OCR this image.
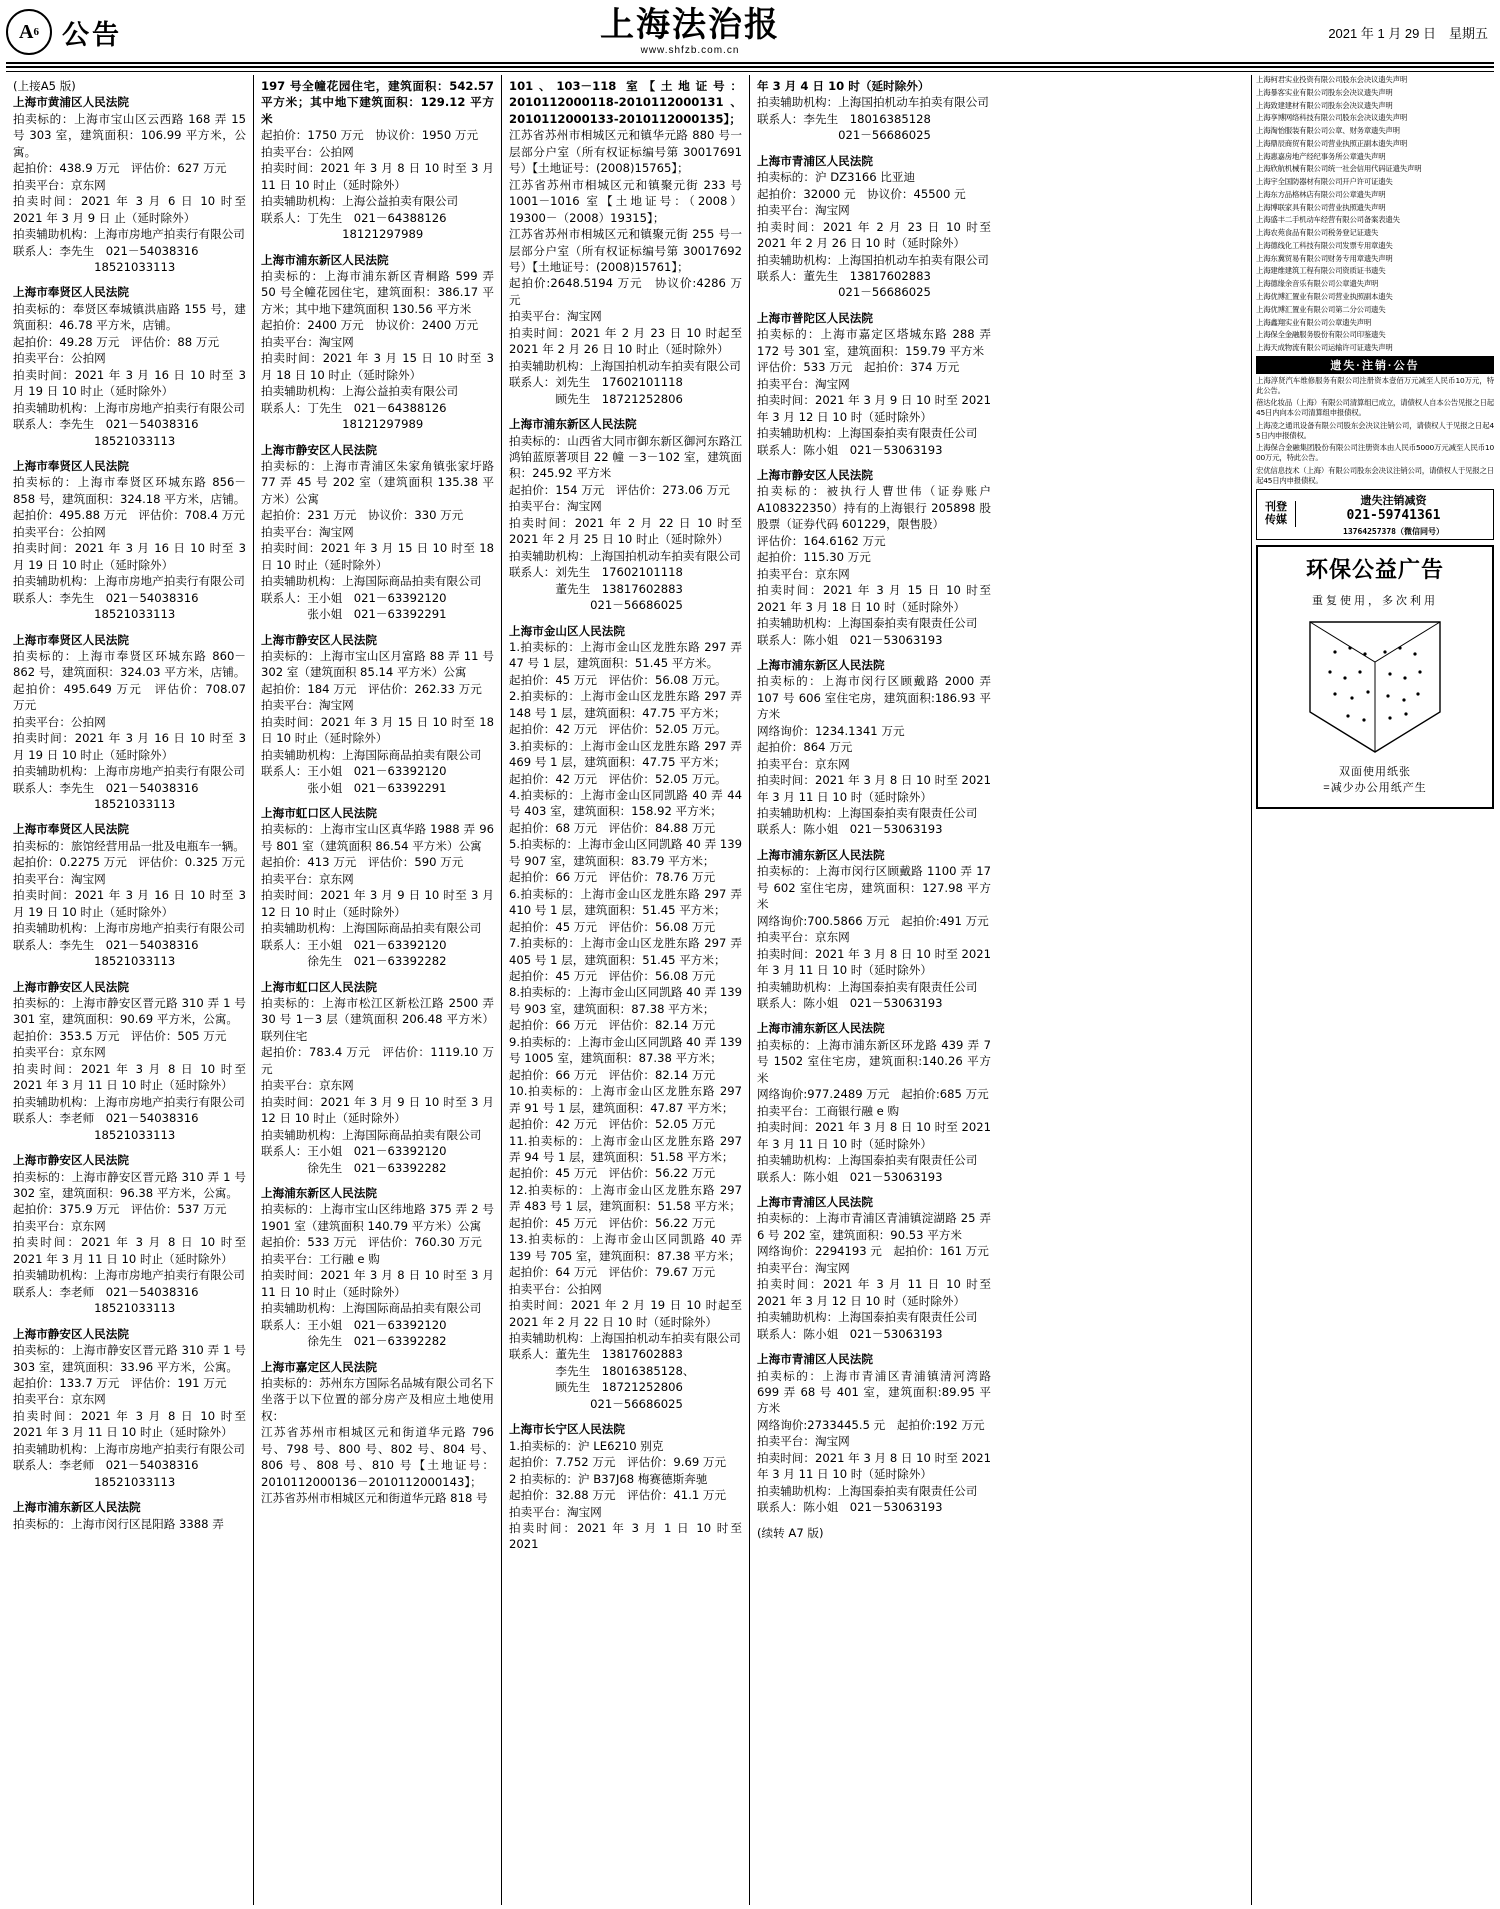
A 6 公告	上海法治报
www.shfzb.com.cn
2021 年 1 月 29 日　星期五

(上接A5 版)

上海市黄浦区人民法院

拍卖标的：上海市宝山区云西路 168 弄 15 号 303 室，建筑面积：106.99 平方米，公寓。

起拍价：438.9 万元　评估价：627 万元

拍卖平台：京东网

拍卖时间：2021 年 3 月 6 日 10 时至 2021 年 3 月 9 日 止（延时除外）

拍卖辅助机构：上海市房地产拍卖行有限公司

联系人：李先生　021－54038316

　　　　　　　18521033113

上海市奉贤区人民法院

拍卖标的：奉贤区奉城镇洪庙路 155 号，建筑面积：46.78 平方米，店铺。

起拍价：49.28 万元　评估价：88 万元

拍卖平台：公拍网

拍卖时间：2021 年 3 月 16 日 10 时至 3 月 19 日 10 时止（延时除外）

拍卖辅助机构：上海市房地产拍卖行有限公司

联系人：李先生　021－54038316

　　　　　　　18521033113

上海市奉贤区人民法院

拍卖标的：上海市奉贤区环城东路 856－858 号，建筑面积：324.18 平方米，店铺。

起拍价：495.88 万元　评估价：708.4 万元

拍卖平台：公拍网

拍卖时间：2021 年 3 月 16 日 10 时至 3 月 19 日 10 时止（延时除外）

拍卖辅助机构：上海市房地产拍卖行有限公司

联系人：李先生　021－54038316

　　　　　　　18521033113

上海市奉贤区人民法院

拍卖标的：上海市奉贤区环城东路 860－862 号，建筑面积：324.03 平方米，店铺。

起拍价：495.649 万元　评估价：708.07 万元

拍卖平台：公拍网

拍卖时间：2021 年 3 月 16 日 10 时至 3 月 19 日 10 时止（延时除外）

拍卖辅助机构：上海市房地产拍卖行有限公司

联系人：李先生　021－54038316

　　　　　　　18521033113

上海市奉贤区人民法院

拍卖标的：旅馆经营用品一批及电瓶车一辆。

起拍价：0.2275 万元　评估价：0.325 万元

拍卖平台：淘宝网

拍卖时间：2021 年 3 月 16 日 10 时至 3 月 19 日 10 时止（延时除外）

拍卖辅助机构：上海市房地产拍卖行有限公司

联系人：李先生　021－54038316

　　　　　　　18521033113

上海市静安区人民法院

拍卖标的：上海市静安区晋元路 310 弄 1 号 301 室，建筑面积：90.69 平方米，公寓。

起拍价：353.5 万元　评估价：505 万元

拍卖平台：京东网

拍卖时间：2021 年 3 月 8 日 10 时至 2021 年 3 月 11 日 10 时止（延时除外）

拍卖辅助机构：上海市房地产拍卖行有限公司

联系人：李老师　021－54038316

　　　　　　　18521033113

上海市静安区人民法院

拍卖标的：上海市静安区晋元路 310 弄 1 号 302 室，建筑面积：96.38 平方米，公寓。

起拍价：375.9 万元　评估价：537 万元

拍卖平台：京东网

拍卖时间：2021 年 3 月 8 日 10 时至 2021 年 3 月 11 日 10 时止（延时除外）

拍卖辅助机构：上海市房地产拍卖行有限公司

联系人：李老师　021－54038316

　　　　　　　18521033113

上海市静安区人民法院

拍卖标的：上海市静安区晋元路 310 弄 1 号 303 室，建筑面积：33.96 平方米，公寓。

起拍价：133.7 万元　评估价：191 万元

拍卖平台：京东网

拍卖时间：2021 年 3 月 8 日 10 时至 2021 年 3 月 11 日 10 时止（延时除外）

拍卖辅助机构：上海市房地产拍卖行有限公司

联系人：李老师　021－54038316

　　　　　　　18521033113

上海市浦东新区人民法院

拍卖标的：上海市闵行区昆阳路 3388 弄

197 号全幢花园住宅，建筑面积：542.57 平方米；其中地下建筑面积：129.12 平方米

起拍价：1750 万元　协议价：1950 万元

拍卖平台：公拍网

拍卖时间：2021 年 3 月 8 日 10 时至 3 月 11 日 10 时止（延时除外）

拍卖辅助机构：上海公益拍卖有限公司

联系人：丁先生　021－64388126

　　　　　　　18121297989

上海市浦东新区人民法院

拍卖标的：上海市浦东新区青桐路 599 弄 50 号全幢花园住宅，建筑面积：386.17 平方米；其中地下建筑面积 130.56 平方米

起拍价：2400 万元　协议价：2400 万元

拍卖平台：淘宝网

拍卖时间：2021 年 3 月 15 日 10 时至 3 月 18 日 10 时止（延时除外）

拍卖辅助机构：上海公益拍卖有限公司

联系人：丁先生　021－64388126

　　　　　　　18121297989

上海市静安区人民法院

拍卖标的：上海市青浦区朱家角镇张家圩路 77 弄 45 号 202 室（建筑面积 135.38 平方米）公寓

起拍价：231 万元　协议价：330 万元

拍卖平台：淘宝网

拍卖时间：2021 年 3 月 15 日 10 时至 18 日 10 时止（延时除外）

拍卖辅助机构：上海国际商品拍卖有限公司

联系人：王小姐　021－63392120

　　　　张小姐　021－63392291

上海市静安区人民法院

拍卖标的：上海市宝山区月富路 88 弄 11 号 302 室（建筑面积 85.14 平方米）公寓

起拍价：184 万元　评估价：262.33 万元

拍卖平台：淘宝网

拍卖时间：2021 年 3 月 15 日 10 时至 18 日 10 时止（延时除外）

拍卖辅助机构：上海国际商品拍卖有限公司

联系人：王小姐　021－63392120

　　　　张小姐　021－63392291

上海市虹口区人民法院

拍卖标的：上海市宝山区真华路 1988 弄 96 号 801 室（建筑面积 86.54 平方米）公寓

起拍价：413 万元　评估价：590 万元

拍卖平台：京东网

拍卖时间：2021 年 3 月 9 日 10 时至 3 月 12 日 10 时止（延时除外）

拍卖辅助机构：上海国际商品拍卖有限公司

联系人：王小姐　021－63392120

　　　　徐先生　021－63392282

上海市虹口区人民法院

拍卖标的：上海市松江区新松江路 2500 弄 30 号 1－3 层（建筑面积 206.48 平方米）联列住宅

起拍价：783.4 万元　评估价：1119.10 万元

拍卖平台：京东网

拍卖时间：2021 年 3 月 9 日 10 时至 3 月 12 日 10 时止（延时除外）

拍卖辅助机构：上海国际商品拍卖有限公司

联系人：王小姐　021－63392120

　　　　徐先生　021－63392282

上海浦东新区人民法院

拍卖标的：上海市宝山区纬地路 375 弄 2 号 1901 室（建筑面积 140.79 平方米）公寓

起拍价：533 万元　评估价：760.30 万元

拍卖平台：工行融 e 购

拍卖时间：2021 年 3 月 8 日 10 时至 3 月 11 日 10 时止（延时除外）

拍卖辅助机构：上海国际商品拍卖有限公司

联系人：王小姐　021－63392120

　　　　徐先生　021－63392282

上海市嘉定区人民法院

拍卖标的：苏州东方国际名品城有限公司名下坐落于以下位置的部分房产及相应土地使用权：

江苏省苏州市相城区元和街道华元路 796 号、798 号、800 号、802 号、804 号、806 号、808 号、810 号【土地证号：2010112000136－2010112000143】；

江苏省苏州市相城区元和街道华元路 818 号

101、103－118 室【土地证号：2010112000118-2010112000131、2010112000133-2010112000135】；

江苏省苏州市相城区元和镇华元路 880 号一层部分户室（所有权证标编号第 30017691 号）【土地证号：(2008)15765】；

江苏省苏州市相城区元和镇聚元街 233 号 1001－1016 室【土地证号：（2008）19300－（2008）19315】；

江苏省苏州市相城区元和镇聚元街 255 号一层部分户室（所有权证标编号第 30017692 号）【土地证号：(2008)15761】；

起拍价:2648.5194 万元　协议价:4286 万元

拍卖平台：淘宝网

拍卖时间：2021 年 2 月 23 日 10 时起至 2021 年 2 月 26 日 10 时止（延时除外）

拍卖辅助机构：上海国拍机动车拍卖有限公司

联系人：刘先生　17602101118

　　　　顾先生　18721252806

上海市浦东新区人民法院

拍卖标的：山西省大同市御东新区御河东路江鸿铂蓝原著项目 22 幢 －3－102 室，建筑面积：245.92 平方米

起拍价：154 万元　评估价：273.06 万元

拍卖平台：淘宝网

拍卖时间：2021 年 2 月 22 日 10 时至 2021 年 2 月 25 日 10 时止（延时除外）

拍卖辅助机构：上海国拍机动车拍卖有限公司

联系人：刘先生　17602101118

　　　　董先生　13817602883

　　　　　　　021－56686025

上海市金山区人民法院

1.拍卖标的：上海市金山区龙胜东路 297 弄 47 号 1 层，建筑面积：51.45 平方米。

起拍价：45 万元　评估价：56.08 万元。

2.拍卖标的：上海市金山区龙胜东路 297 弄 148 号 1 层，建筑面积：47.75 平方米；

起拍价：42 万元　评估价：52.05 万元。

3.拍卖标的：上海市金山区龙胜东路 297 弄 469 号 1 层，建筑面积：47.75 平方米；

起拍价：42 万元　评估价：52.05 万元。

4.拍卖标的：上海市金山区同凯路 40 弄 44 号 403 室，建筑面积：158.92 平方米；

起拍价：68 万元　评估价：84.88 万元

5.拍卖标的：上海市金山区同凯路 40 弄 139 号 907 室，建筑面积：83.79 平方米；

起拍价：66 万元　评估价：78.76 万元

6.拍卖标的：上海市金山区龙胜东路 297 弄 410 号 1 层，建筑面积：51.45 平方米；

起拍价：45 万元　评估价：56.08 万元

7.拍卖标的：上海市金山区龙胜东路 297 弄 405 号 1 层，建筑面积：51.45 平方米；

起拍价：45 万元　评估价：56.08 万元

8.拍卖标的：上海市金山区同凯路 40 弄 139 号 903 室，建筑面积：87.38 平方米；

起拍价：66 万元　评估价：82.14 万元

9.拍卖标的：上海市金山区同凯路 40 弄 139 号 1005 室，建筑面积：87.38 平方米；

起拍价：66 万元　评估价：82.14 万元

10.拍卖标的：上海市金山区龙胜东路 297 弄 91 号 1 层，建筑面积：47.87 平方米；

起拍价：42 万元　评估价：52.05 万元

11.拍卖标的：上海市金山区龙胜东路 297 弄 94 号 1 层，建筑面积：51.58 平方米；

起拍价：45 万元　评估价：56.22 万元

12.拍卖标的：上海市金山区龙胜东路 297 弄 483 号 1 层，建筑面积：51.58 平方米；

起拍价：45 万元　评估价：56.22 万元

13.拍卖标的：上海市金山区同凯路 40 弄 139 号 705 室，建筑面积：87.38 平方米；

起拍价：64 万元　评估价：79.67 万元

拍卖平台：公拍网

拍卖时间：2021 年 2 月 19 日 10 时起至 2021 年 2 月 22 日 10 时（延时除外）

拍卖辅助机构：上海国拍机动车拍卖有限公司

联系人：董先生　13817602883

　　　　李先生　18016385128、

　　　　顾先生　18721252806

　　　　　　　021－56686025

上海市长宁区人民法院

1.拍卖标的：沪 LE6210 别克

起拍价：7.752 万元　评估价：9.69 万元

2 拍卖标的：沪 B37J68 梅赛德斯奔驰

起拍价：32.88 万元　评估价：41.1 万元

拍卖平台：淘宝网

拍卖时间：2021 年 3 月 1 日 10 时至 2021

年 3 月 4 日 10 时（延时除外）

拍卖辅助机构：上海国拍机动车拍卖有限公司

联系人：李先生　18016385128

　　　　　　　021－56686025

上海市青浦区人民法院

拍卖标的：沪 DZ3166 比亚迪

起拍价：32000 元　协议价：45500 元

拍卖平台：淘宝网

拍卖时间：2021 年 2 月 23 日 10 时至 2021 年 2 月 26 日 10 时（延时除外）

拍卖辅助机构：上海国拍机动车拍卖有限公司

联系人：董先生　13817602883

　　　　　　　021－56686025

上海市普陀区人民法院

拍卖标的：上海市嘉定区塔城东路 288 弄 172 号 301 室，建筑面积：159.79 平方米

评估价：533 万元　起拍价：374 万元

拍卖平台：淘宝网

拍卖时间：2021 年 3 月 9 日 10 时至 2021 年 3 月 12 日 10 时（延时除外）

拍卖辅助机构：上海国泰拍卖有限责任公司

联系人：陈小姐　021－53063193

上海市静安区人民法院

拍卖标的：被执行人曹世伟（证券账户 A108322350）持有的上海银行 205898 股股票（证券代码 601229，限售股）

评估价：164.6162 万元

起拍价：115.30 万元

拍卖平台：京东网

拍卖时间：2021 年 3 月 15 日 10 时至 2021 年 3 月 18 日 10 时（延时除外）

拍卖辅助机构：上海国泰拍卖有限责任公司

联系人：陈小姐　021－53063193

上海市浦东新区人民法院

拍卖标的：上海市闵行区顾戴路 2000 弄 107 号 606 室住宅房，建筑面积:186.93 平方米

网络询价：1234.1341 万元

起拍价：864 万元

拍卖平台：京东网

拍卖时间：2021 年 3 月 8 日 10 时至 2021 年 3 月 11 日 10 时（延时除外）

拍卖辅助机构：上海国泰拍卖有限责任公司

联系人：陈小姐　021－53063193

上海市浦东新区人民法院

拍卖标的：上海市闵行区顾戴路 1100 弄 17 号 602 室住宅房，建筑面积：127.98 平方米

网络询价:700.5866 万元　起拍价:491 万元

拍卖平台：京东网

拍卖时间：2021 年 3 月 8 日 10 时至 2021 年 3 月 11 日 10 时（延时除外）

拍卖辅助机构：上海国泰拍卖有限责任公司

联系人：陈小姐　021－53063193

上海市浦东新区人民法院

拍卖标的：上海市浦东新区环龙路 439 弄 7 号 1502 室住宅房，建筑面积:140.26 平方米

网络询价:977.2489 万元　起拍价:685 万元

拍卖平台：工商银行融 e 购

拍卖时间：2021 年 3 月 8 日 10 时至 2021 年 3 月 11 日 10 时（延时除外）

拍卖辅助机构：上海国泰拍卖有限责任公司

联系人：陈小姐　021－53063193

上海市青浦区人民法院

拍卖标的：上海市青浦区青浦镇淀湖路 25 弄 6 号 202 室，建筑面积：90.53 平方米

网络询价：2294193 元　起拍价：161 万元

拍卖平台：淘宝网

拍卖时间：2021 年 3 月 11 日 10 时至 2021 年 3 月 12 日 10 时（延时除外）

拍卖辅助机构：上海国泰拍卖有限责任公司

联系人：陈小姐　021－53063193

上海市青浦区人民法院

拍卖标的：上海市青浦区青浦镇清河湾路 699 弄 68 号 401 室，建筑面积:89.95 平方米

网络询价:2733445.5 元　起拍价:192 万元

拍卖平台：淘宝网

拍卖时间：2021 年 3 月 8 日 10 时至 2021 年 3 月 11 日 10 时（延时除外）

拍卖辅助机构：上海国泰拍卖有限责任公司

联系人：陈小姐　021－53063193

(续转 A7 版)

上海柯君实业投资有限公司股东会决议遗失声明
上海暴客实业有限公司股东会决议遗失声明
上海致建建材有限公司股东会决议遗失声明
上海享博网络科技有限公司股东会决议遗失声明
上海淘怡服装有限公司公章、财务章遗失声明
上海鼎辰商贸有限公司营业执照正副本遗失声明
上海惠嘉房地产经纪事务所公章遗失声明
上海欣航机械有限公司统一社会信用代码证遗失声明
上海宇全国防器材有限公司开户许可证遗失
上海东方品格林店有限公司公章遗失声明
上海博联家具有限公司营业执照遗失声明
上海盛丰二手机动车经营有限公司备案表遗失
上海农苑食品有限公司税务登记证遗失
上海德线化工科技有限公司发票专用章遗失
上海东冀贸易有限公司财务专用章遗失声明
上海建维建筑工程有限公司资质证书遗失
上海德缘余音乐有限公司公章遗失声明
上海优博汇置业有限公司营业执照副本遗失
上海优博汇置业有限公司第二分公司遗失
上海鑫翔实业有限公司公章遗失声明
上海保全金融服务股份有限公司印鉴遗失
上海天成物流有限公司运输许可证遗失声明
遗失·注销·公告
上海淳贤汽车维修服务有限公司注册资本壹佰万元减至人民币10万元，特此公告。
蓓达化妆品（上海）有限公司清算组已成立，请债权人自本公告见报之日起45日内向本公司清算组申报债权。
上海凌之通讯设备有限公司股东会决议注销公司，请债权人于见报之日起45日内申报债权。
上海保合金融集团股份有限公司注册资本由人民币5000万元减至人民币1000万元，特此公告。
宏优信息技术（上海）有限公司股东会决议注销公司，请债权人于见报之日起45日内申报债权。
刊登
传媒
遗失注销减资
021-59741361
13764257378（微信同号）
环保公益广告
重复使用，多次利用
双面使用纸张
=减少办公用纸产生
